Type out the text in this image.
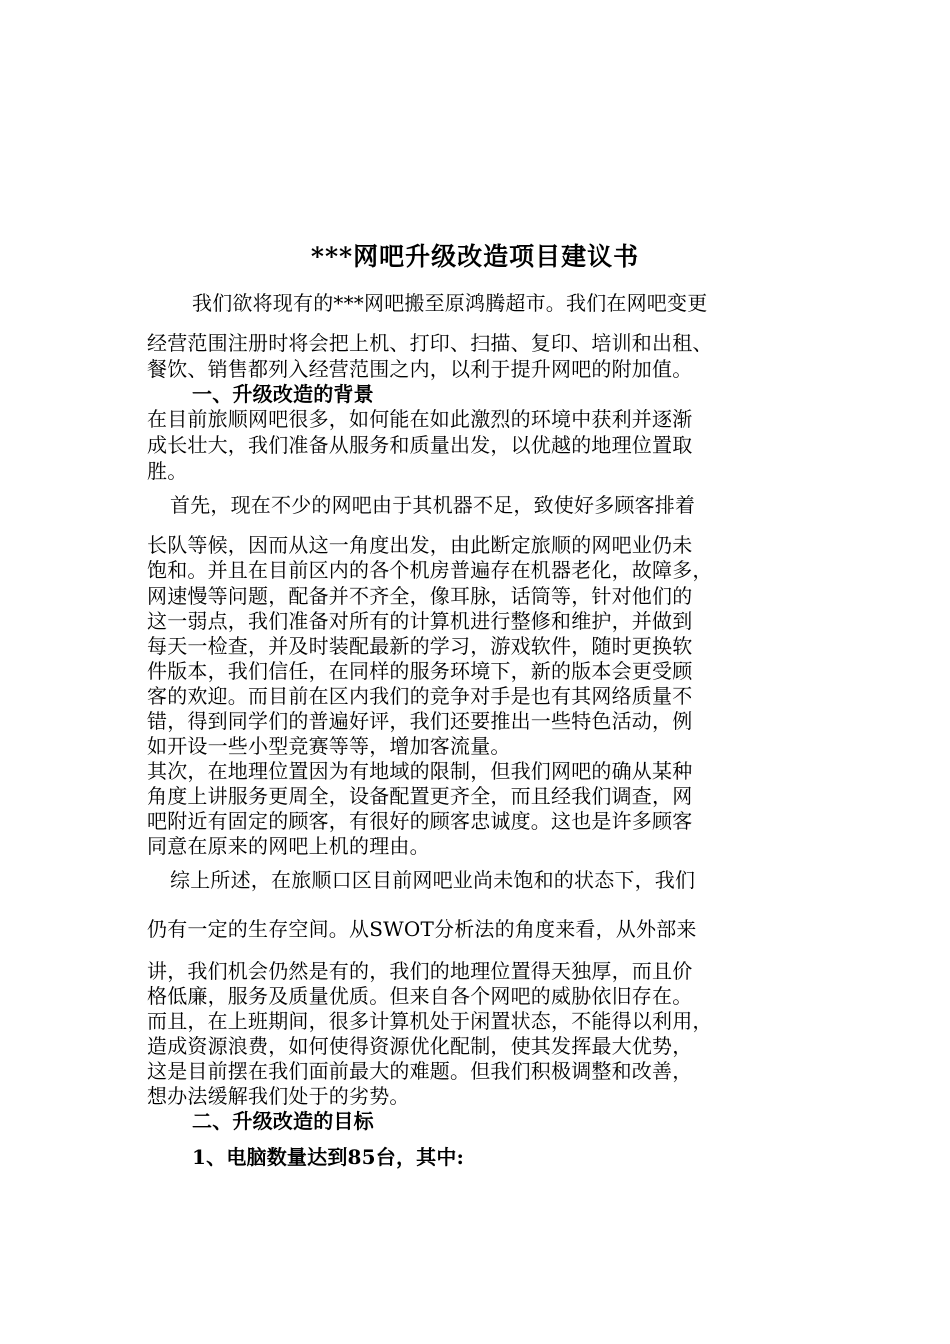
***网吧升级改造项目建议书
我们欲将现有的***网吧搬至原鸿腾超市。我们在网吧变更
经营范围注册时将会把上机、打印、扫描、复印、培训和出租、
餐饮、销售都列入经营范围之内，以利于提升网吧的附加值。
一、升级改造的背景
在目前旅顺网吧很多，如何能在如此激烈的环境中获利并逐渐
成长壮大，我们准备从服务和质量出发，以优越的地理位置取
胜。
首先，现在不少的网吧由于其机器不足，致使好多顾客排着
长队等候，因而从这一角度出发，由此断定旅顺的网吧业仍未
饱和。并且在目前区内的各个机房普遍存在机器老化，故障多，
网速慢等问题，配备并不齐全，像耳脉，话筒等，针对他们的
这一弱点，我们准备对所有的计算机进行整修和维护，并做到
每天一检查，并及时装配最新的学习，游戏软件，随时更换软
件版本，我们信任，在同样的服务环境下，新的版本会更受顾
客的欢迎。而目前在区内我们的竞争对手是也有其网络质量不
错，得到同学们的普遍好评，我们还要推出一些特色活动，例
如开设一些小型竞赛等等，增加客流量。
其次，在地理位置因为有地域的限制，但我们网吧的确从某种
角度上讲服务更周全，设备配置更齐全，而且经我们调查，网
吧附近有固定的顾客，有很好的顾客忠诚度。这也是许多顾客
同意在原来的网吧上机的理由。
综上所述，在旅顺口区目前网吧业尚未饱和的状态下，我们
仍有一定的生存空间。从SWOT分析法的角度来看，从外部来
讲，我们机会仍然是有的，我们的地理位置得天独厚，而且价
格低廉，服务及质量优质。但来自各个网吧的威胁依旧存在。
而且，在上班期间，很多计算机处于闲置状态，不能得以利用，
造成资源浪费，如何使得资源优化配制，使其发挥最大优势，
这是目前摆在我们面前最大的难题。但我们积极调整和改善，
想办法缓解我们处于的劣势。
二、升级改造的目标
1、电脑数量达到85台，其中:
